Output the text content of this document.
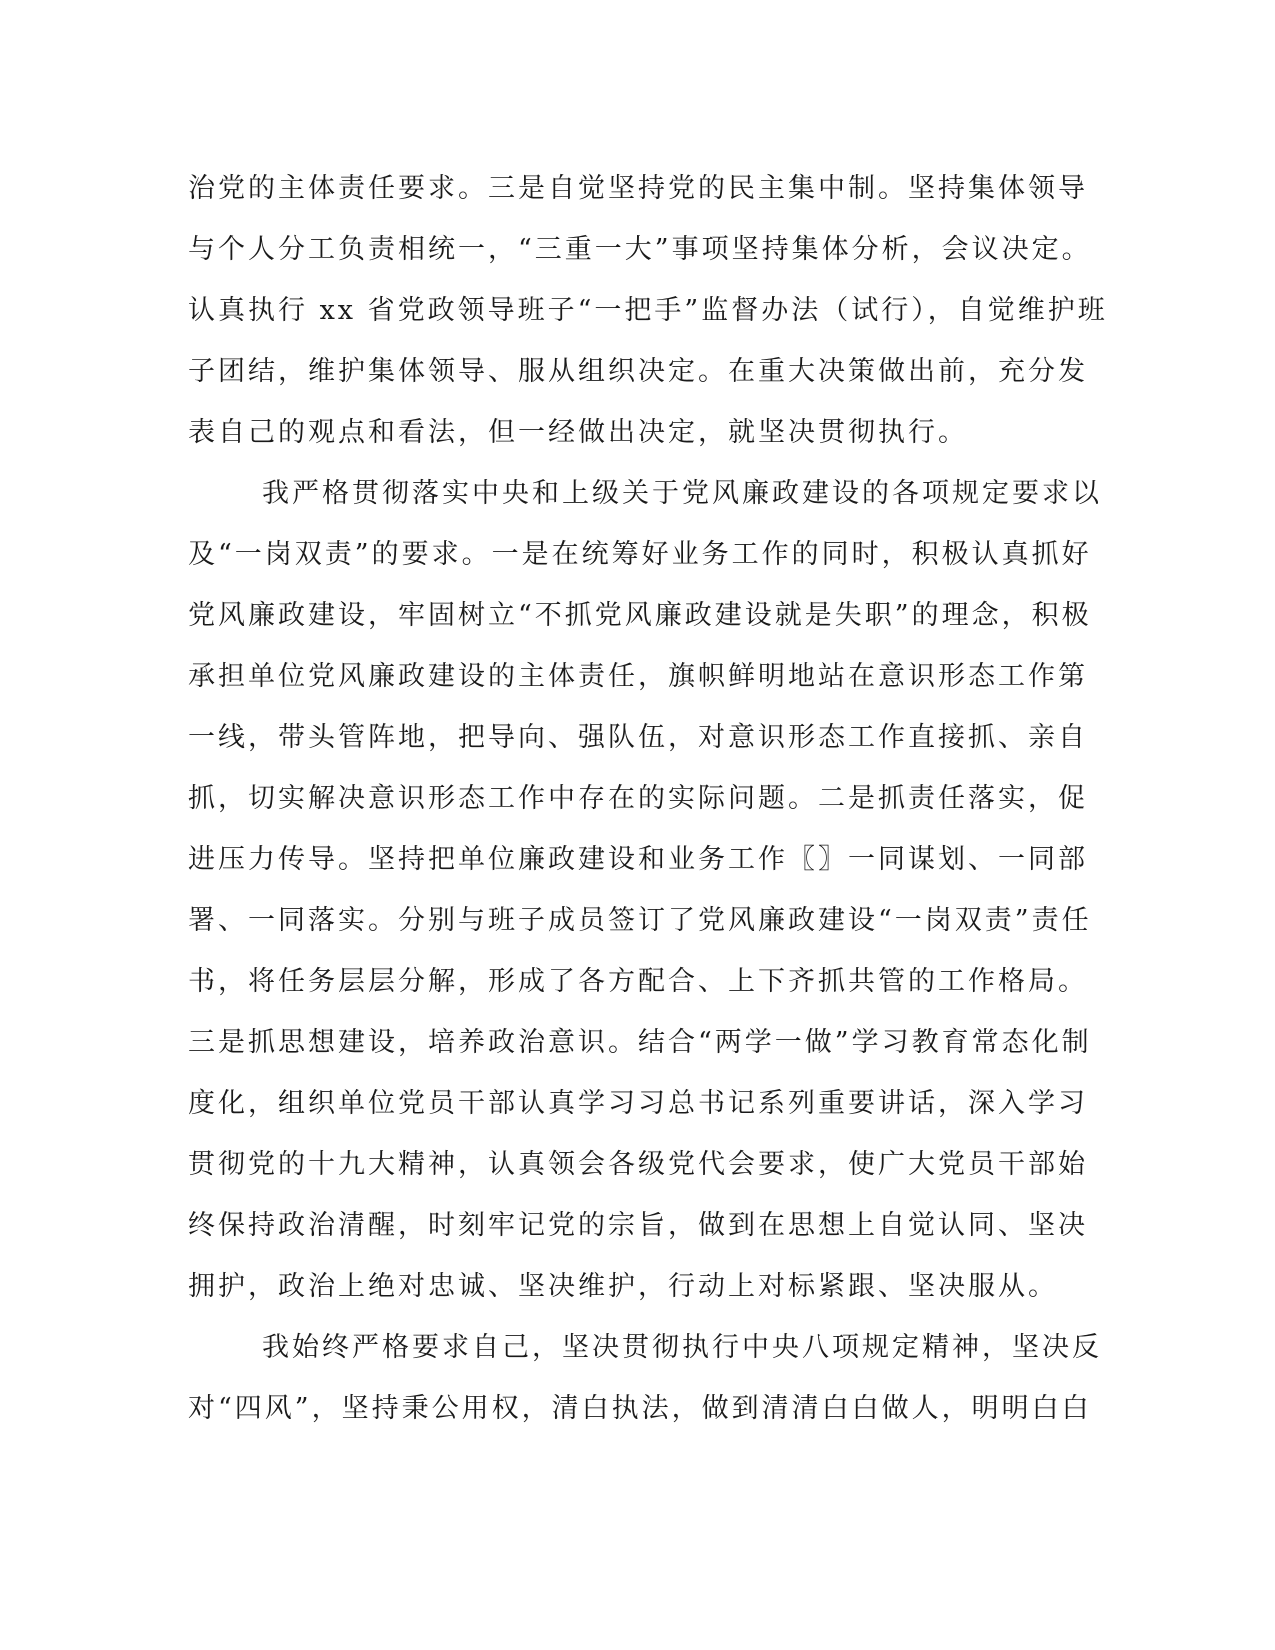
治党的主体责任要求。三是自觉坚持党的民主集中制。坚持集体领导
与个人分工负责相统一，“三重一大”事项坚持集体分析，会议决定。
认真执行 xx 省党政领导班子“一把手”监督办法（试行），自觉维护班
子团结，维护集体领导、服从组织决定。在重大决策做出前，充分发
表自己的观点和看法，但一经做出决定，就坚决贯彻执行。
我严格贯彻落实中央和上级关于党风廉政建设的各项规定要求以
及“一岗双责”的要求。一是在统筹好业务工作的同时，积极认真抓好
党风廉政建设，牢固树立“不抓党风廉政建设就是失职”的理念，积极
承担单位党风廉政建设的主体责任，旗帜鲜明地站在意识形态工作第
一线，带头管阵地，把导向、强队伍，对意识形态工作直接抓、亲自
抓，切实解决意识形态工作中存在的实际问题。二是抓责任落实，促
进压力传导。坚持把单位廉政建设和业务工作〖〗一同谋划、一同部
署、一同落实。分别与班子成员签订了党风廉政建设“一岗双责”责任
书，将任务层层分解，形成了各方配合、上下齐抓共管的工作格局。
三是抓思想建设，培养政治意识。结合“两学一做”学习教育常态化制
度化，组织单位党员干部认真学习习总书记系列重要讲话，深入学习
贯彻党的十九大精神，认真领会各级党代会要求，使广大党员干部始
终保持政治清醒，时刻牢记党的宗旨，做到在思想上自觉认同、坚决
拥护，政治上绝对忠诚、坚决维护，行动上对标紧跟、坚决服从。
我始终严格要求自己，坚决贯彻执行中央八项规定精神，坚决反
对“四风”，坚持秉公用权，清白执法，做到清清白白做人，明明白白
